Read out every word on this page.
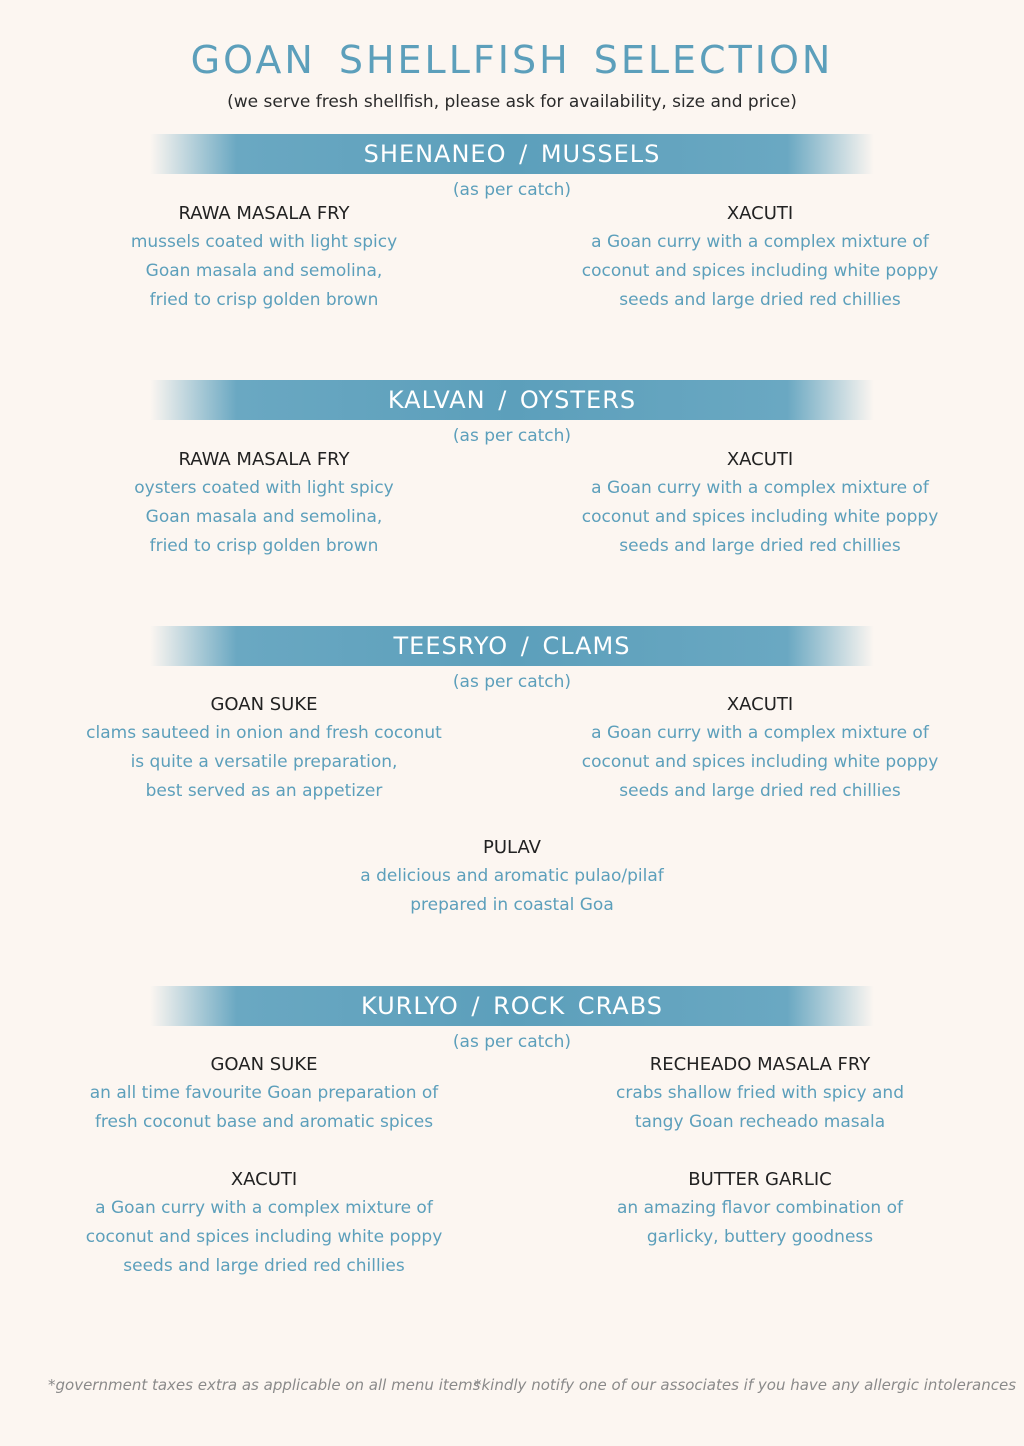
GOAN SHELLFISH SELECTION
(we serve fresh shellfish, please ask for availability, size and price)
SHENANEO / MUSSELS
(as per catch)
RAWA MASALA FRY
mussels coated with light spicy
Goan masala and semolina,
fried to crisp golden brown
XACUTI
a Goan curry with a complex mixture of
coconut and spices including white poppy
seeds and large dried red chillies
KALVAN / OYSTERS
(as per catch)
RAWA MASALA FRY
oysters coated with light spicy
Goan masala and semolina,
fried to crisp golden brown
XACUTI
a Goan curry with a complex mixture of
coconut and spices including white poppy
seeds and large dried red chillies
TEESRYO / CLAMS
(as per catch)
GOAN SUKE
clams sauteed in onion and fresh coconut
is quite a versatile preparation,
best served as an appetizer
XACUTI
a Goan curry with a complex mixture of
coconut and spices including white poppy
seeds and large dried red chillies
PULAV
a delicious and aromatic pulao/pilaf
prepared in coastal Goa
KURLYO / ROCK CRABS
(as per catch)
GOAN SUKE
an all time favourite Goan preparation of
fresh coconut base and aromatic spices
RECHEADO MASALA FRY
crabs shallow fried with spicy and
tangy Goan recheado masala
XACUTI
a Goan curry with a complex mixture of
coconut and spices including white poppy
seeds and large dried red chillies
BUTTER GARLIC
an amazing flavor combination of
garlicky, buttery goodness
*government taxes extra as applicable on all menu items
*kindly notify one of our associates if you have any allergic intolerances
